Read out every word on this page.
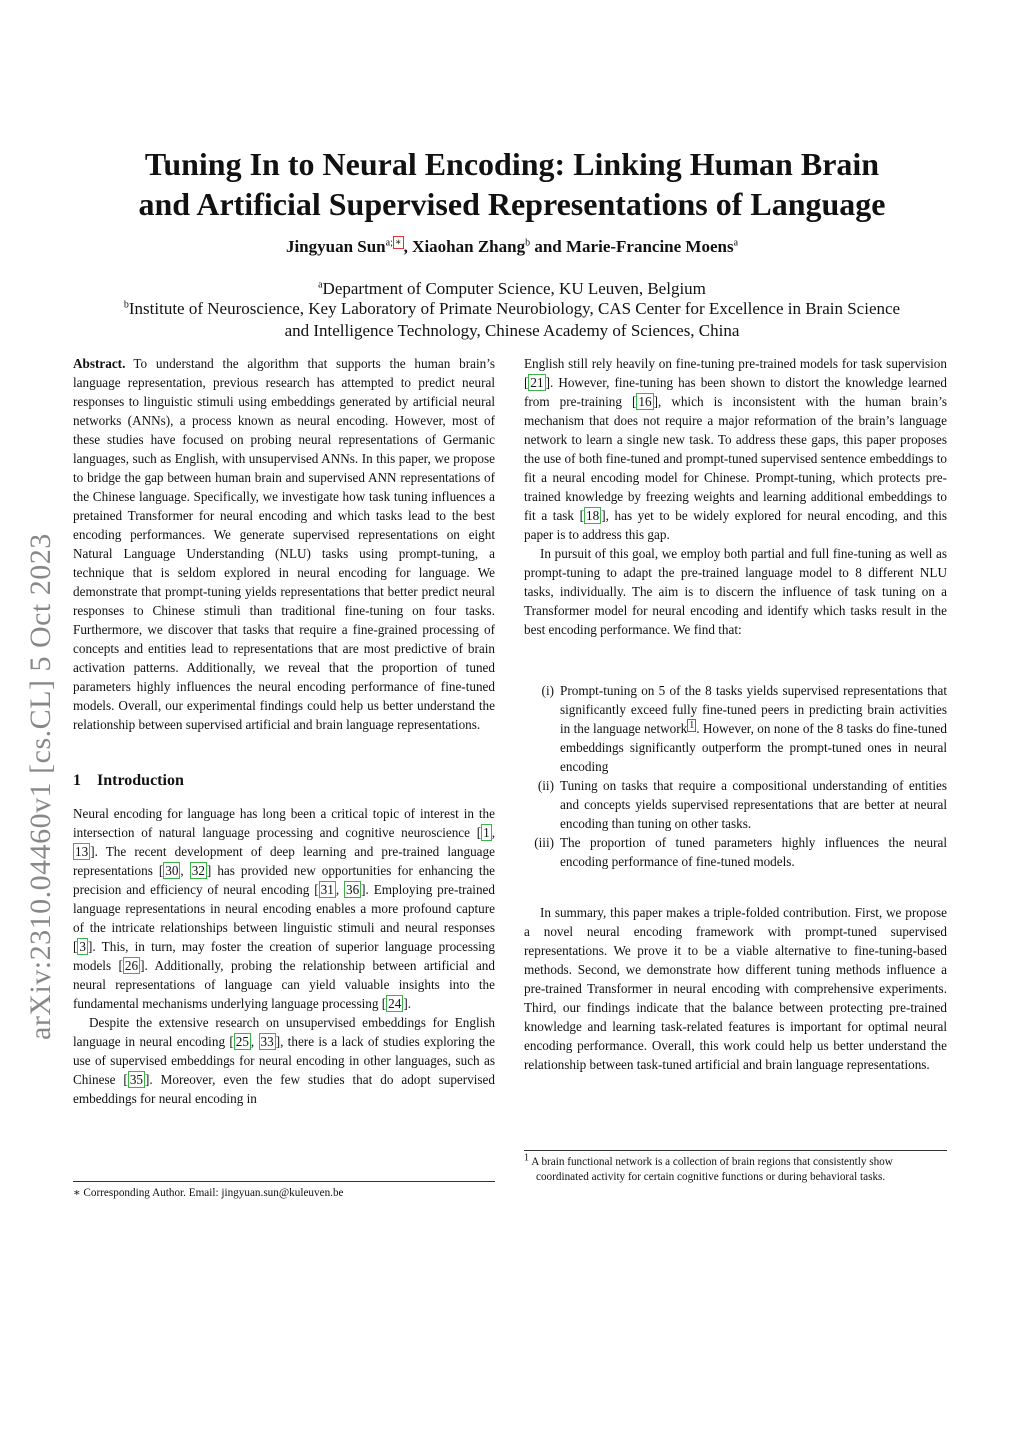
Tuning In to Neural Encoding: Linking Human Brain
and Artificial Supervised Representations of Language
Jingyuan Sun$^{a;}$ ∗ , Xiaohan Zhang$^b$ and Marie-Francine Moens$^a$
$^a$Department of Computer Science, KU Leuven, Belgium
$^b$Institute of Neuroscience, Key Laboratory of Primate Neurobiology, CAS Center for Excellence in Brain Science
and Intelligence Technology, Chinese Academy of Sciences, China
arXiv:2310.04460v1 [cs.CL] 5 Oct 2023

Abstract. To understand the algorithm that supports the human brain’s language representation, previous research has attempted to predict neural responses to linguistic stimuli using embeddings generated by artificial neural networks (ANNs), a process known as neural encoding. However, most of these studies have focused on probing neural representations of Germanic languages, such as English, with unsupervised ANNs. In this paper, we propose to bridge the gap between human brain and supervised ANN representations of the Chinese language. Specifically, we investigate how task tuning influences a pretained Transformer for neural encoding and which tasks lead to the best encoding performances. We generate supervised representations on eight Natural Language Understanding (NLU) tasks using prompt-tuning, a technique that is seldom explored in neural encoding for language. We demonstrate that prompt-tuning yields representations that better predict neural responses to Chinese stimuli than traditional fine-tuning on four tasks. Furthermore, we discover that tasks that require a fine-grained processing of concepts and entities lead to representations that are most predictive of brain activation patterns. Additionally, we reveal that the proportion of tuned parameters highly influences the neural encoding performance of fine-tuned models. Overall, our experimental findings could help us better understand the relationship between supervised artificial and brain language representations.

1 Introduction

Neural encoding for language has long been a critical topic of interest in the intersection of natural language processing and cognitive neuroscience [ 1 , 13 ]. The recent development of deep learning and pre-trained language representations [ 30 , 32 ] has provided new opportunities for enhancing the precision and efficiency of neural encoding [ 31 , 36 ]. Employing pre-trained language representations in neural encoding enables a more profound capture of the intricate relationships between linguistic stimuli and neural responses [ 3 ]. This, in turn, may foster the creation of superior language processing models [ 26 ]. Additionally, probing the relationship between artificial and neural representations of language can yield valuable insights into the fundamental mechanisms underlying language processing [ 24 ].

Despite the extensive research on unsupervised embeddings for English language in neural encoding [ 25 , 33 ], there is a lack of studies exploring the use of supervised embeddings for neural encoding in other languages, such as Chinese [ 35 ]. Moreover, even the few studies that do adopt supervised embeddings for neural encoding in

∗ Corresponding Author. Email: jingyuan.sun@kuleuven.be

English still rely heavily on fine-tuning pre-trained models for task supervision [ 21 ]. However, fine-tuning has been shown to distort the knowledge learned from pre-training [ 16 ], which is inconsistent with the human brain’s mechanism that does not require a major reformation of the brain’s language network to learn a single new task. To address these gaps, this paper proposes the use of both fine-tuned and prompt-tuned supervised sentence embeddings to fit a neural encoding model for Chinese. Prompt-tuning, which protects pre-trained knowledge by freezing weights and learning additional embeddings to fit a task [ 18 ], has yet to be widely explored for neural encoding, and this paper is to address this gap.

In pursuit of this goal, we employ both partial and full fine-tuning as well as prompt-tuning to adapt the pre-trained language model to 8 different NLU tasks, individually. The aim is to discern the influence of task tuning on a Transformer model for neural encoding and identify which tasks result in the best encoding performance. We find that:

(i) Prompt-tuning on 5 of the 8 tasks yields supervised representations that significantly exceed fully fine-tuned peers in predicting brain activities in the language network $^1$ . However, on none of the 8 tasks do fine-tuned embeddings significantly outperform the prompt-tuned ones in neural encoding
(ii) Tuning on tasks that require a compositional understanding of entities and concepts yields supervised representations that are better at neural encoding than tuning on other tasks.
(iii) The proportion of tuned parameters highly influences the neural encoding performance of fine-tuned models.

In summary, this paper makes a triple-folded contribution. First, we propose a novel neural encoding framework with prompt-tuned supervised representations. We prove it to be a viable alternative to fine-tuning-based methods. Second, we demonstrate how different tuning methods influence a pre-trained Transformer in neural encoding with comprehensive experiments. Third, our findings indicate that the balance between protecting pre-trained knowledge and learning task-related features is important for optimal neural encoding performance. Overall, this work could help us better understand the relationship between task-tuned artificial and brain language representations.

$^1$ A brain functional network is a collection of brain regions that consistently show coordinated activity for certain cognitive functions or during behavioral tasks.
